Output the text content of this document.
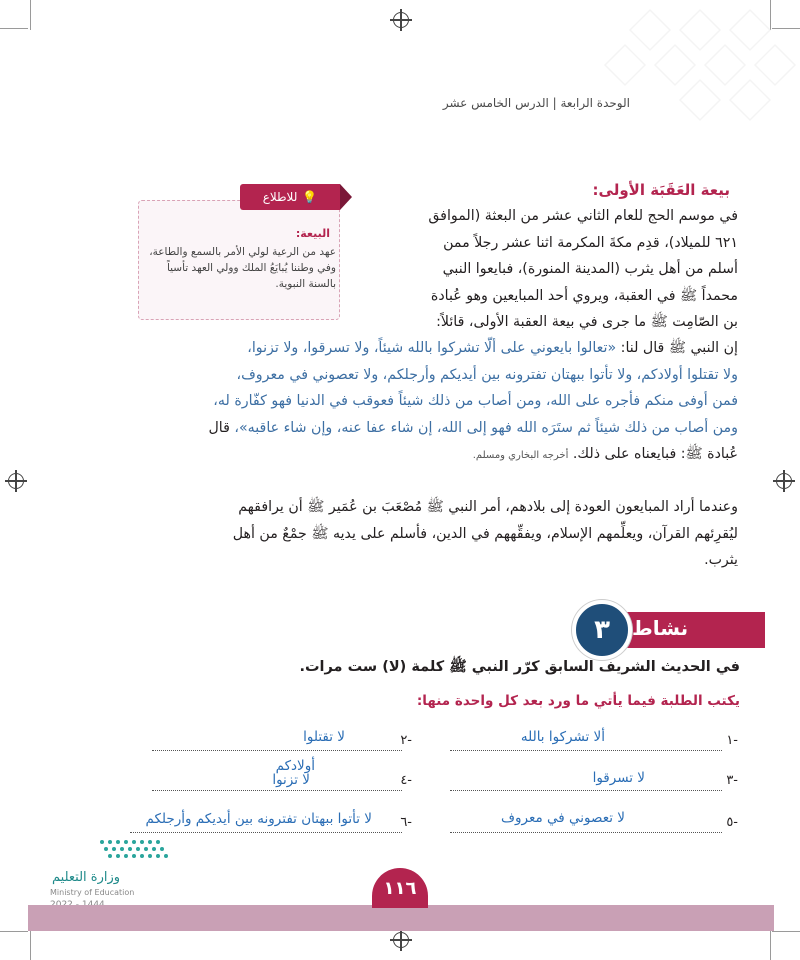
الوحدة الرابعة | الدرس الخامس عشر
بيعة العَقَبَة الأولى:
💡
للاطلاع
البيعة:
عهد من الرعية لولي الأمر بالسمع والطاعة، وفي وطننا يُبايَعُ الملك وولي العهد تأسياً بالسنة النبوية.
في موسم الحج للعام الثاني عشر من البعثة (الموافق
٦٢١ للميلاد)، قدِم مكةَ المكرمة اثنا عشر رجلاً ممن
أسلم من أهل يثرب (المدينة المنورة)، فبايعوا النبي
محمداً ﷺ في العقبة، ويروي أحد المبايعين وهو عُبادة
بن الصّامِت ﷺ ما جرى في بيعة العقبة الأولى، قائلاً:
إن النبي ﷺ قال لنا: «تعالوا بايعوني على ألّا تشركوا بالله شيئاً، ولا تسرقوا، ولا تزنوا،
ولا تقتلوا أولادكم، ولا تأتوا ببهتان تفترونه بين أيديكم وأرجلكم، ولا تعصوني في معروف،
فمن أوفى منكم فأجره على الله، ومن أصاب من ذلك شيئاً فعوقب في الدنيا فهو كفّارة له،
ومن أصاب من ذلك شيئاً ثم ستَرَه الله فهو إلى الله، إن شاء عفا عنه، وإن شاء عاقبه»، قال
عُبادة ﷺ: فبايعناه على ذلك. أخرجه البخاري ومسلم.
وعندما أراد المبايعون العودة إلى بلادهم، أمر النبي ﷺ مُصْعَبَ بن عُمَير ﷺ أن يرافقهم
ليُقرِئهم القرآن، ويعلِّمهم الإسلام، ويفقِّههم في الدين، فأسلم على يديه ﷺ جمْعٌ من أهل
يثرب.
نشاط
٣
في الحديث الشريف السابق كرّر النبي ﷺ كلمة (لا) ست مرات.
يكتب الطلبة فيما يأتي ما ورد بعد كل واحدة منها:
١-
ألا تشركوا بالله
٢-
لا تقتلوا
٣-
لا تسرقوا
٤-
لا تزنوا
أولادكم
٥-
لا تعصوني في معروف
٦-
لا تأتوا ببهتان تفترونه بين أيديكم وأرجلكم
وزارة التعليم
Ministry of Education	١١٦
